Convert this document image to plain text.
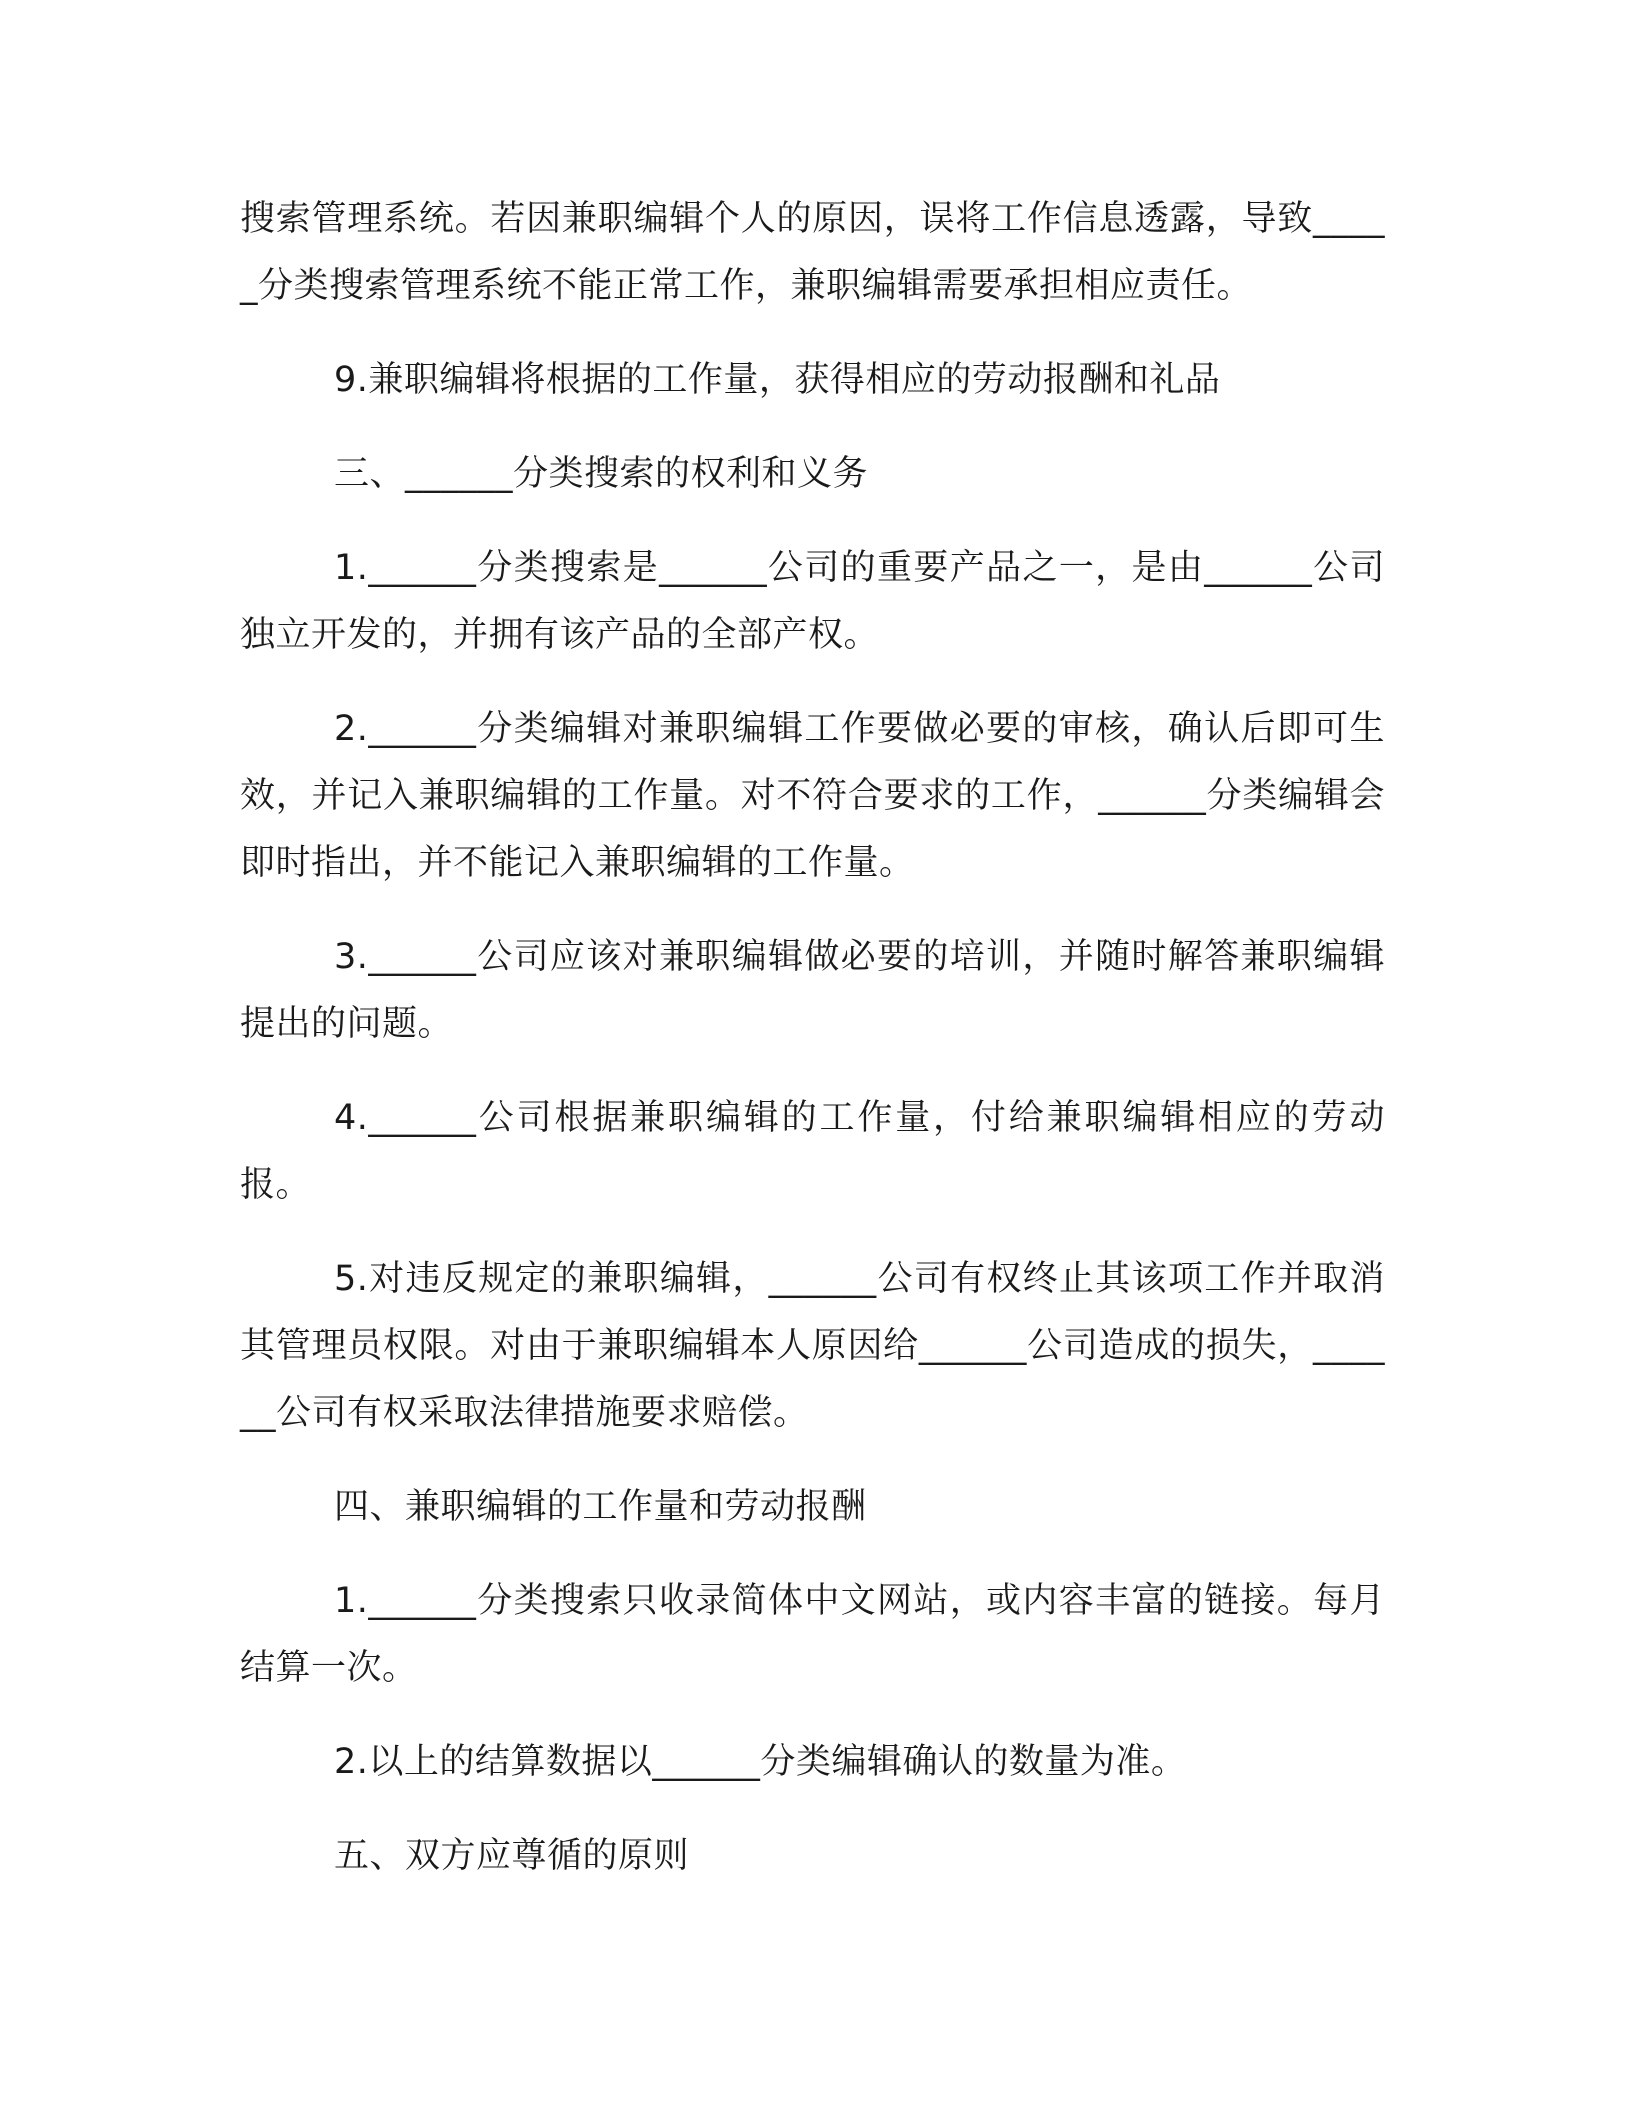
搜索管理系统。若因兼职编辑个人的原因，误将工作信息透露，导致_____分类搜索管理系统不能正常工作，兼职编辑需要承担相应责任。

9.兼职编辑将根据的工作量，获得相应的劳动报酬和礼品

三、______分类搜索的权利和义务

1.______分类搜索是______公司的重要产品之一，是由______公司独立开发的，并拥有该产品的全部产权。

2.______分类编辑对兼职编辑工作要做必要的审核，确认后即可生效，并记入兼职编辑的工作量。对不符合要求的工作，______分类编辑会即时指出，并不能记入兼职编辑的工作量。

3.______公司应该对兼职编辑做必要的培训，并随时解答兼职编辑提出的问题。

4.______公司根据兼职编辑的工作量，付给兼职编辑相应的劳动报。

5.对违反规定的兼职编辑，______公司有权终止其该项工作并取消其管理员权限。对由于兼职编辑本人原因给______公司造成的损失，______公司有权采取法律措施要求赔偿。

四、兼职编辑的工作量和劳动报酬

1.______分类搜索只收录简体中文网站，或内容丰富的链接。每月结算一次。

2.以上的结算数据以______分类编辑确认的数量为准。

五、双方应尊循的原则
